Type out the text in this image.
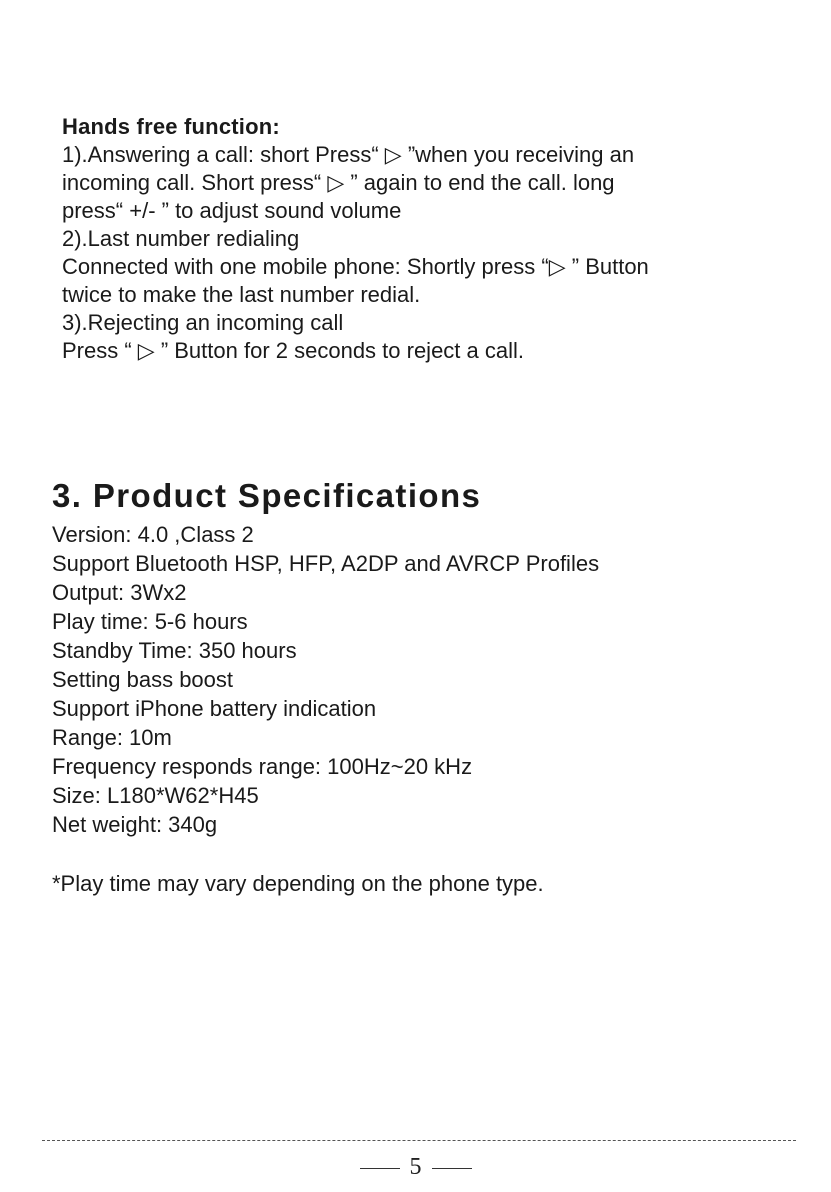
Hands free function:

1).Answering a call: short Press“ ▷ ”when you receiving an

incoming call. Short press“ ▷ ” again to end the call. long

press“ +/- ” to adjust sound volume

2).Last number redialing

Connected with one mobile phone: Shortly press “▷ ” Button

twice to make the last number redial.

3).Rejecting an incoming call

Press “ ▷ ” Button for 2 seconds to reject a call.

3. Product Specifications
Version: 4.0 ,Class 2
Support Bluetooth HSP, HFP, A2DP and AVRCP Profiles
Output: 3Wx2
Play time: 5-6 hours
Standby Time: 350 hours
Setting bass boost
Support iPhone battery indication
Range: 10m
Frequency responds range: 100Hz~20 kHz
Size: L180*W62*H45
Net weight: 340g

*Play time may vary depending on the phone type.

5
